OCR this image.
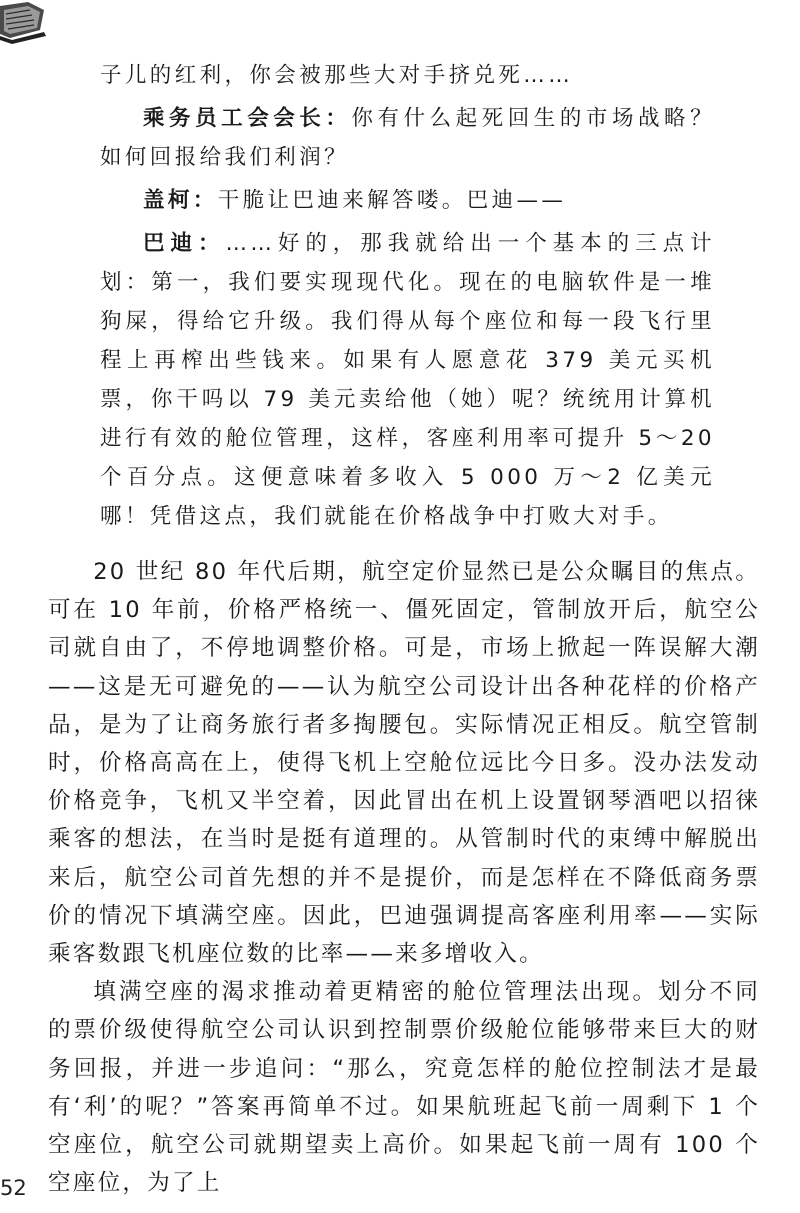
子儿的红利，你会被那些大对手挤兑死……

乘务员工会会长：你有什么起死回生的市场战略？如何回报给我们利润？

盖柯：干脆让巴迪来解答喽。巴迪——

巴迪：……好的，那我就给出一个基本的三点计划：第一，我们要实现现代化。现在的电脑软件是一堆狗屎，得给它升级。我们得从每个座位和每一段飞行里程上再榨出些钱来。如果有人愿意花 379 美元买机票，你干吗以 79 美元卖给他（她）呢？统统用计算机进行有效的舱位管理，这样，客座利用率可提升 5～20 个百分点。这便意味着多收入 5 000 万～2 亿美元哪！凭借这点，我们就能在价格战争中打败大对手。

20 世纪 80 年代后期，航空定价显然已是公众瞩目的焦点。可在 10 年前，价格严格统一、僵死固定，管制放开后，航空公司就自由了，不停地调整价格。可是，市场上掀起一阵误解大潮——这是无可避免的——认为航空公司设计出各种花样的价格产品，是为了让商务旅行者多掏腰包。实际情况正相反。航空管制时，价格高高在上，使得飞机上空舱位远比今日多。没办法发动价格竞争，飞机又半空着，因此冒出在机上设置钢琴酒吧以招徕乘客的想法，在当时是挺有道理的。从管制时代的束缚中解脱出来后，航空公司首先想的并不是提价，而是怎样在不降低商务票价的情况下填满空座。因此，巴迪强调提高客座利用率——实际乘客数跟飞机座位数的比率——来多增收入。

填满空座的渴求推动着更精密的舱位管理法出现。划分不同的票价级使得航空公司认识到控制票价级舱位能够带来巨大的财务回报，并进一步追问：“那么，究竟怎样的舱位控制法才是最有‘利’的呢？”答案再简单不过。如果航班起飞前一周剩下 1 个空座位，航空公司就期望卖上高价。如果起飞前一周有 100 个空座位，为了上

52
